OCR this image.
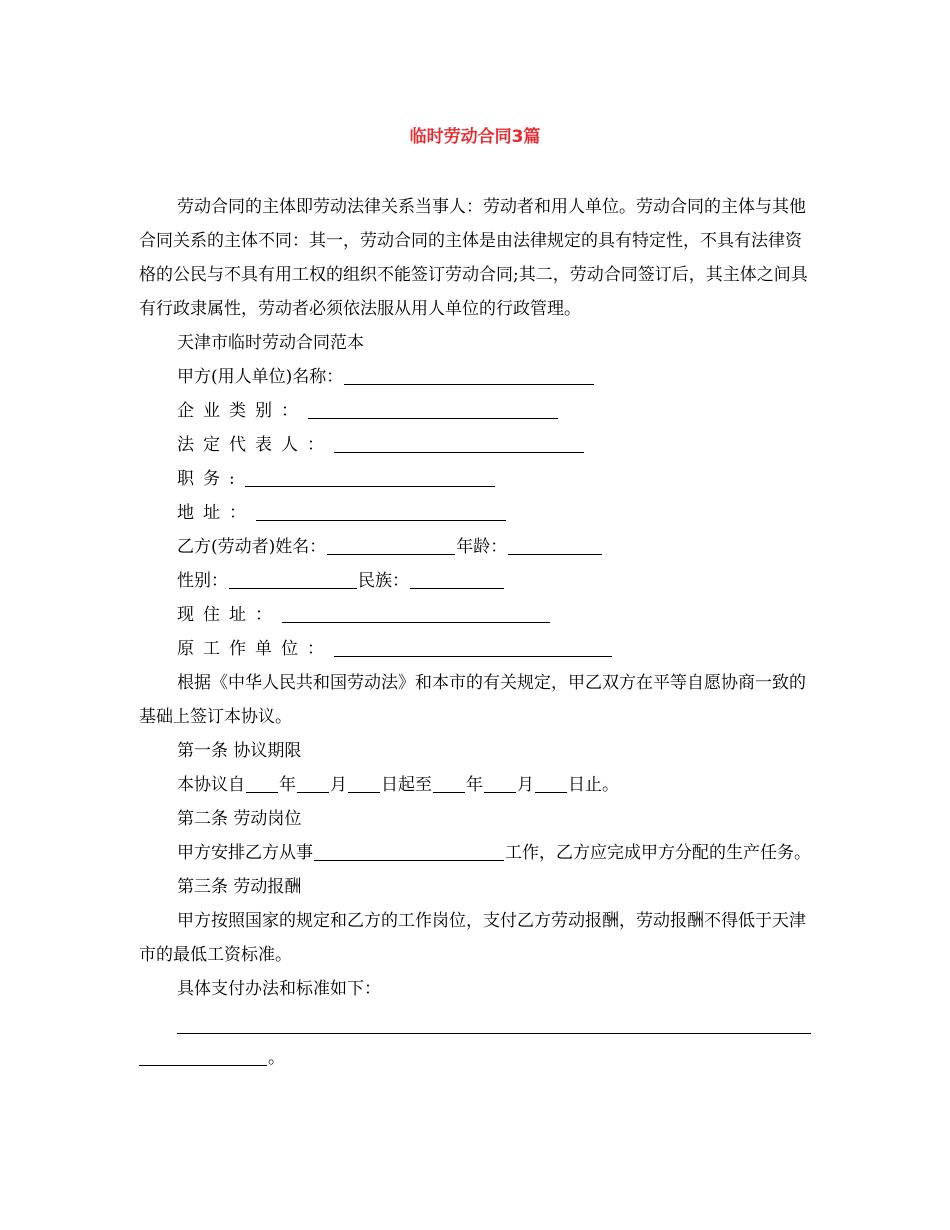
临时劳动合同3篇

劳动合同的主体即劳动法律关系当事人：劳动者和用人单位。劳动合同的主体与其他合同关系的主体不同：其一，劳动合同的主体是由法律规定的具有特定性，不具有法律资格的公民与不具有用工权的组织不能签订劳动合同;其二，劳动合同签订后，其主体之间具有行政隶属性，劳动者必须依法服从用人单位的行政管理。

天津市临时劳动合同范本

甲方(用人单位)名称：

企业类别：

法定代表人：

职务:

地址：

乙方(劳动者)姓名：	年龄：

性别：	民族：

现住址：

原工作单位：

根据《中华人民共和国劳动法》和本市的有关规定，甲乙双方在平等自愿协商一致的基础上签订本协议。

第一条 协议期限

本协议自 年 月 日起至 年 月 日止。

第二条 劳动岗位

甲方安排乙方从事	工作，乙方应完成甲方分配的生产任务。

第三条 劳动报酬

甲方按照国家的规定和乙方的工作岗位，支付乙方劳动报酬，劳动报酬不得低于天津市的最低工资标准。

具体支付办法和标准如下：

。
